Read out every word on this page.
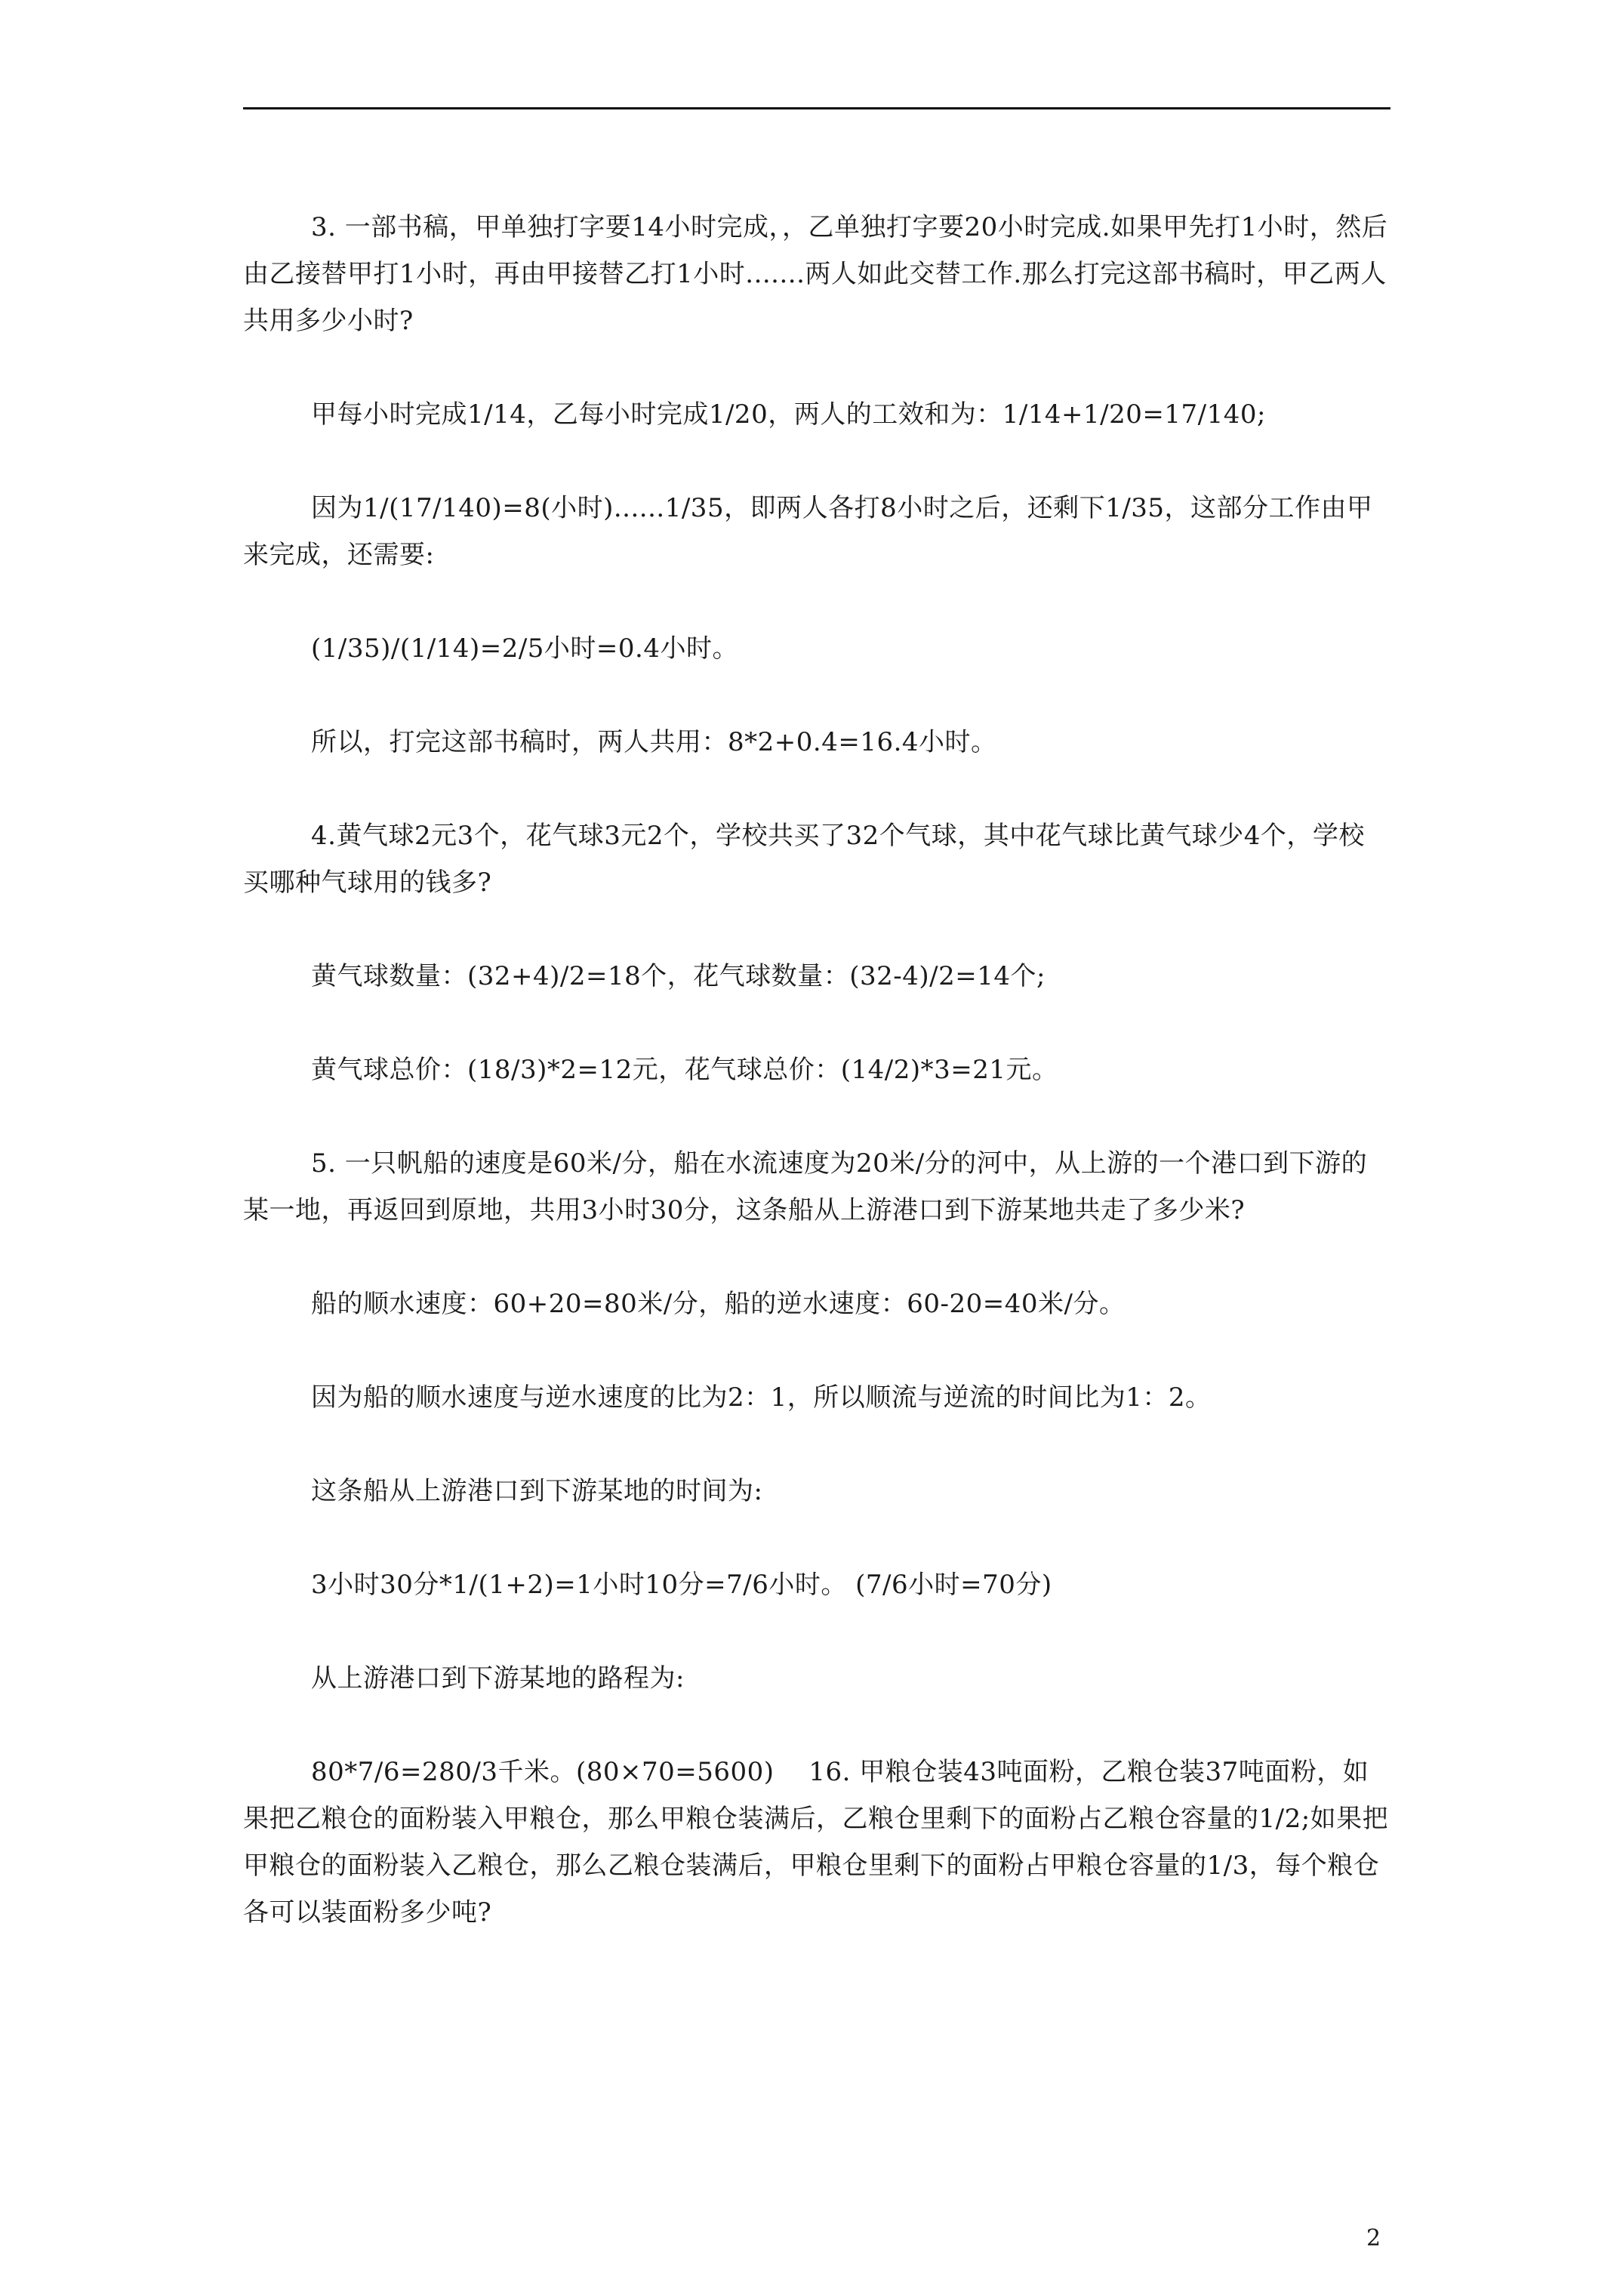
3. 一部书稿，甲单独打字要14小时完成，，乙单独打字要20小时完成.如果甲先打1小时，然后由乙接替甲打1小时，再由甲接替乙打1小时.......两人如此交替工作.那么打完这部书稿时，甲乙两人共用多少小时?

甲每小时完成1/14，乙每小时完成1/20，两人的工效和为：1/14+1/20=17/140;

因为1/(17/140)=8(小时)......1/35，即两人各打8小时之后，还剩下1/35，这部分工作由甲来完成，还需要:

(1/35)/(1/14)=2/5小时=0.4小时。

所以，打完这部书稿时，两人共用：8*2+0.4=16.4小时。

4.黄气球2元3个，花气球3元2个，学校共买了32个气球，其中花气球比黄气球少4个，学校买哪种气球用的钱多?

黄气球数量：(32+4)/2=18个，花气球数量：(32-4)/2=14个;

黄气球总价：(18/3)*2=12元，花气球总价：(14/2)*3=21元。

5. 一只帆船的速度是60米/分，船在水流速度为20米/分的河中，从上游的一个港口到下游的某一地，再返回到原地，共用3小时30分，这条船从上游港口到下游某地共走了多少米?

船的顺水速度：60+20=80米/分，船的逆水速度：60-20=40米/分。

因为船的顺水速度与逆水速度的比为2：1，所以顺流与逆流的时间比为1：2。

这条船从上游港口到下游某地的时间为:

3小时30分*1/(1+2)=1小时10分=7/6小时。 (7/6小时=70分)

从上游港口到下游某地的路程为:

80*7/6=280/3千米。(80×70=5600)　 16. 甲粮仓装43吨面粉，乙粮仓装37吨面粉，如果把乙粮仓的面粉装入甲粮仓，那么甲粮仓装满后，乙粮仓里剩下的面粉占乙粮仓容量的1/2;如果把甲粮仓的面粉装入乙粮仓，那么乙粮仓装满后，甲粮仓里剩下的面粉占甲粮仓容量的1/3，每个粮仓各可以装面粉多少吨?

2
